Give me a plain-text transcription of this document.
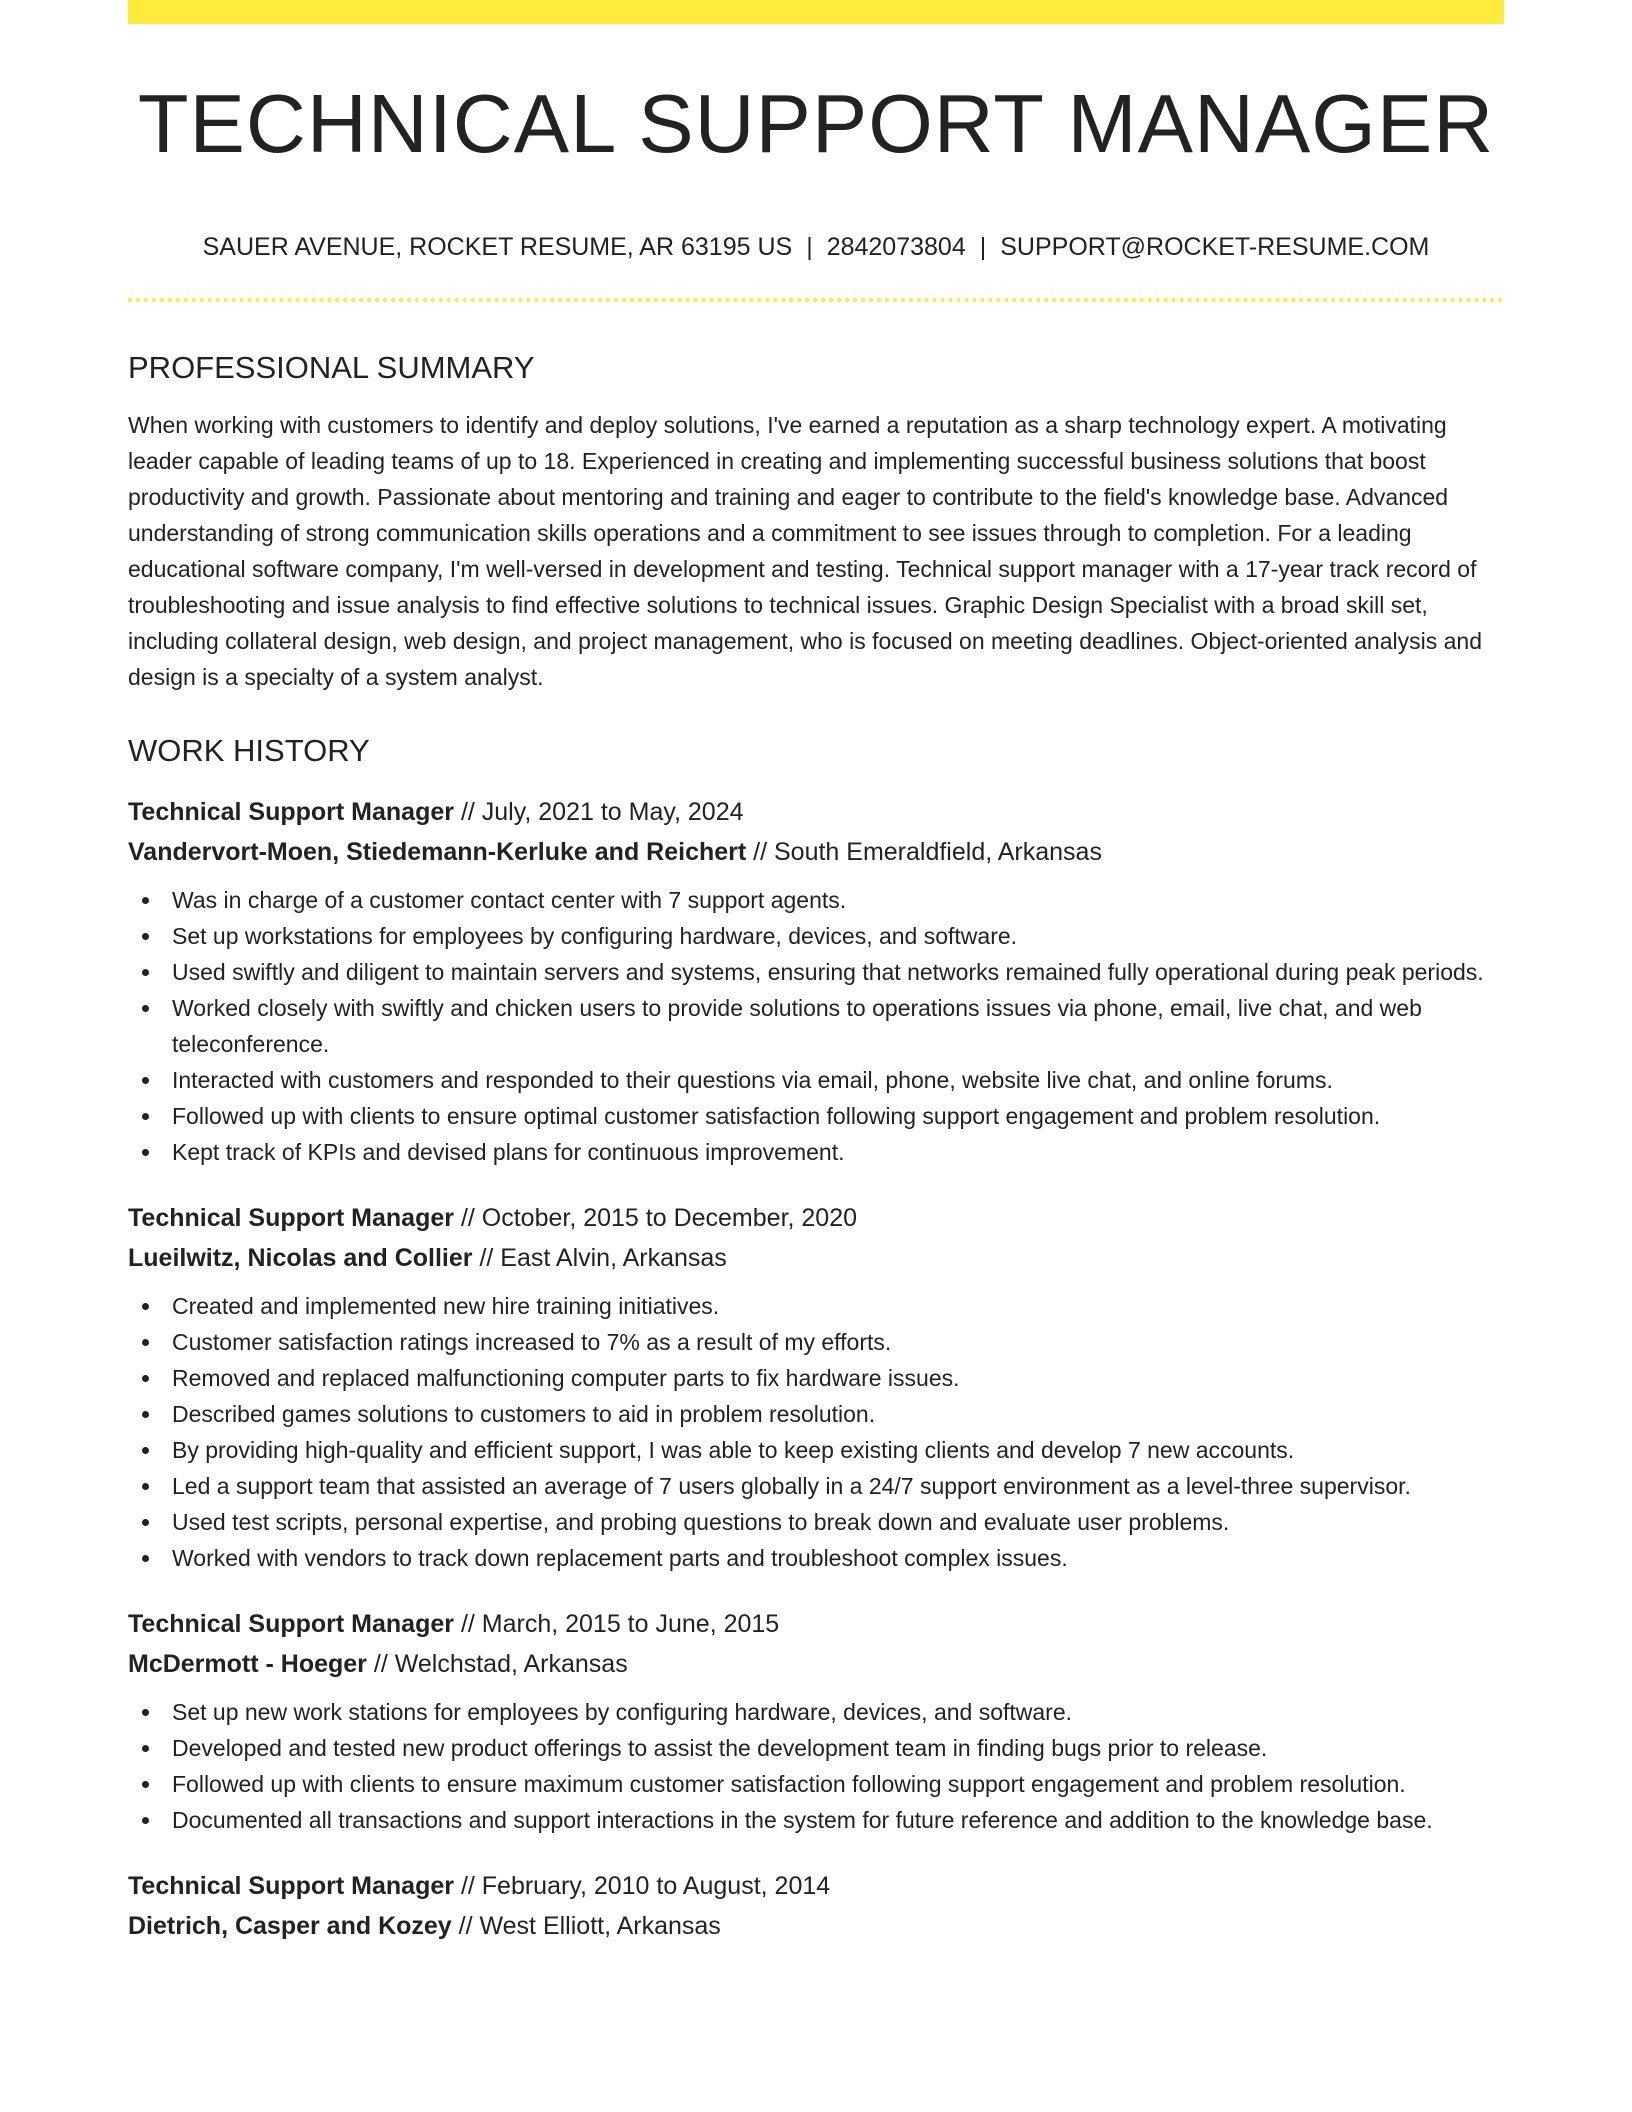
TECHNICAL SUPPORT MANAGER
SAUER AVENUE, ROCKET RESUME, AR 63195 US | 2842073804 | SUPPORT@ROCKET-RESUME.COM
PROFESSIONAL SUMMARY

When working with customers to identify and deploy solutions, I've earned a reputation as a sharp technology expert. A motivating leader capable of leading teams of up to 18. Experienced in creating and implementing successful business solutions that boost productivity and growth. Passionate about mentoring and training and eager to contribute to the field's knowledge base. Advanced understanding of strong communication skills operations and a commitment to see issues through to completion. For a leading educational software company, I'm well-versed in development and testing. Technical support manager with a 17-year track record of troubleshooting and issue analysis to find effective solutions to technical issues. Graphic Design Specialist with a broad skill set, including collateral design, web design, and project management, who is focused on meeting deadlines. Object-oriented analysis and design is a specialty of a system analyst.

WORK HISTORY
Technical Support Manager // July, 2021 to May, 2024
Vandervort-Moen, Stiedemann-Kerluke and Reichert // South Emeraldfield, Arkansas
Was in charge of a customer contact center with 7 support agents.
Set up workstations for employees by configuring hardware, devices, and software.
Used swiftly and diligent to maintain servers and systems, ensuring that networks remained fully operational during peak periods.
Worked closely with swiftly and chicken users to provide solutions to operations issues via phone, email, live chat, and web teleconference.
Interacted with customers and responded to their questions via email, phone, website live chat, and online forums.
Followed up with clients to ensure optimal customer satisfaction following support engagement and problem resolution.
Kept track of KPIs and devised plans for continuous improvement.
Technical Support Manager // October, 2015 to December, 2020
Lueilwitz, Nicolas and Collier // East Alvin, Arkansas
Created and implemented new hire training initiatives.
Customer satisfaction ratings increased to 7% as a result of my efforts.
Removed and replaced malfunctioning computer parts to fix hardware issues.
Described games solutions to customers to aid in problem resolution.
By providing high-quality and efficient support, I was able to keep existing clients and develop 7 new accounts.
Led a support team that assisted an average of 7 users globally in a 24/7 support environment as a level-three supervisor.
Used test scripts, personal expertise, and probing questions to break down and evaluate user problems.
Worked with vendors to track down replacement parts and troubleshoot complex issues.
Technical Support Manager // March, 2015 to June, 2015
McDermott - Hoeger // Welchstad, Arkansas
Set up new work stations for employees by configuring hardware, devices, and software.
Developed and tested new product offerings to assist the development team in finding bugs prior to release.
Followed up with clients to ensure maximum customer satisfaction following support engagement and problem resolution.
Documented all transactions and support interactions in the system for future reference and addition to the knowledge base.
Technical Support Manager // February, 2010 to August, 2014
Dietrich, Casper and Kozey // West Elliott, Arkansas
